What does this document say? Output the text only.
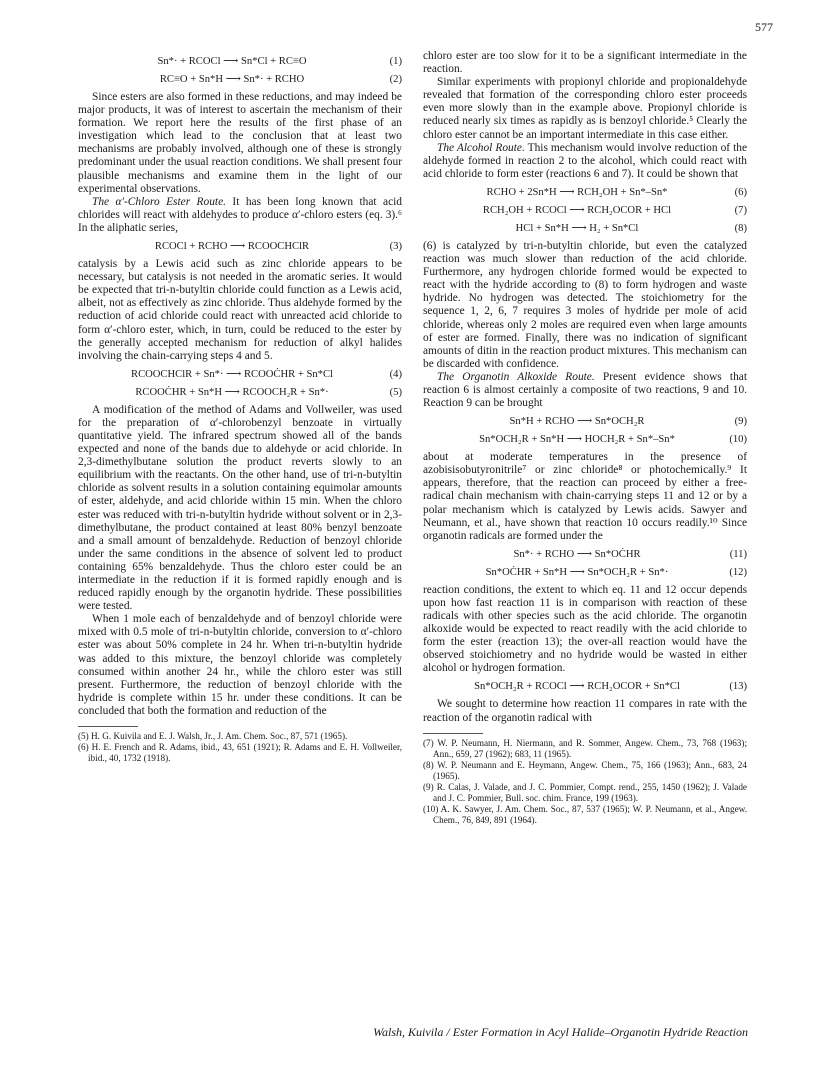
577
Sn*· + RCOCl ⟶ Sn*Cl + RC≡O	(1)
RC≡O + Sn*H ⟶ Sn*· + RCHO	(2)

Since esters are also formed in these reductions, and may indeed be major products, it was of interest to ascertain the mechanism of their formation. We report here the results of the first phase of an investigation which lead to the conclusion that at least two mechanisms are probably involved, although one of these is strongly predominant under the usual reaction conditions. We shall present four plausible mechanisms and examine them in the light of our experimental observations.

The α′-Chloro Ester Route. It has been long known that acid chlorides will react with aldehydes to produce α′-chloro esters (eq. 3).⁶ In the aliphatic series,

RCOCl + RCHO ⟶ RCOOCHClR	(3)

catalysis by a Lewis acid such as zinc chloride appears to be necessary, but catalysis is not needed in the aromatic series. It would be expected that tri-n-butyltin chloride could function as a Lewis acid, albeit, not as effectively as zinc chloride. Thus aldehyde formed by the reduction of acid chloride could react with unreacted acid chloride to form α′-chloro ester, which, in turn, could be reduced to the ester by the generally accepted mechanism for reduction of alkyl halides involving the chain-carrying steps 4 and 5.

RCOOCHClR + Sn*· ⟶ RCOOĊHR + Sn*Cl	(4)
RCOOĊHR + Sn*H ⟶ RCOOCH₂R + Sn*·	(5)

A modification of the method of Adams and Vollweiler, was used for the preparation of α′-chlorobenzyl benzoate in virtually quantitative yield. The infrared spectrum showed all of the bands expected and none of the bands due to aldehyde or acid chloride. In 2,3-dimethylbutane solution the product reverts slowly to an equilibrium with the reactants. On the other hand, use of tri-n-butyltin chloride as solvent results in a solution containing equimolar amounts of ester, aldehyde, and acid chloride within 15 min. When the chloro ester was reduced with tri-n-butyltin hydride without solvent or in 2,3-dimethylbutane, the product contained at least 80% benzyl benzoate and a small amount of benzaldehyde. Reduction of benzoyl chloride under the same conditions in the absence of solvent led to product containing 65% benzaldehyde. Thus the chloro ester could be an intermediate in the reduction if it is formed rapidly enough and is reduced rapidly enough by the organotin hydride. These possibilities were tested.

When 1 mole each of benzaldehyde and of benzoyl chloride were mixed with 0.5 mole of tri-n-butyltin chloride, conversion to α′-chloro ester was about 50% complete in 24 hr. When tri-n-butyltin hydride was added to this mixture, the benzoyl chloride was completely consumed within another 24 hr., while the chloro ester was still present. Furthermore, the reduction of benzoyl chloride with the hydride is complete within 15 hr. under these conditions. It can be concluded that both the formation and reduction of the

(5) H. G. Kuivila and E. J. Walsh, Jr., J. Am. Chem. Soc., 87, 571 (1965).

(6) H. E. French and R. Adams, ibid., 43, 651 (1921); R. Adams and E. H. Vollweiler, ibid., 40, 1732 (1918).

chloro ester are too slow for it to be a significant intermediate in the reaction.

Similar experiments with propionyl chloride and propionaldehyde revealed that formation of the corresponding chloro ester proceeds even more slowly than in the example above. Propionyl chloride is reduced nearly six times as rapidly as is benzoyl chloride.⁵ Clearly the chloro ester cannot be an important intermediate in this case either.

The Alcohol Route. This mechanism would involve reduction of the aldehyde formed in reaction 2 to the alcohol, which could react with acid chloride to form ester (reactions 6 and 7). It could be shown that

RCHO + 2Sn*H ⟶ RCH₂OH + Sn*–Sn*	(6)
RCH₂OH + RCOCl ⟶ RCH₂OCOR + HCl	(7)
HCl + Sn*H ⟶ H₂ + Sn*Cl	(8)

(6) is catalyzed by tri-n-butyltin chloride, but even the catalyzed reaction was much slower than reduction of the acid chloride. Furthermore, any hydrogen chloride formed would be expected to react with the hydride according to (8) to form hydrogen and waste hydride. No hydrogen was detected. The stoichiometry for the sequence 1, 2, 6, 7 requires 3 moles of hydride per mole of acid chloride, whereas only 2 moles are required even when large amounts of ester are formed. Finally, there was no indication of significant amounts of ditin in the reaction product mixtures. This mechanism can be discarded with confidence.

The Organotin Alkoxide Route. Present evidence shows that reaction 6 is almost certainly a composite of two reactions, 9 and 10. Reaction 9 can be brought

Sn*H + RCHO ⟶ Sn*OCH₂R	(9)
Sn*OCH₂R + Sn*H ⟶ HOCH₂R + Sn*–Sn*	(10)

about at moderate temperatures in the presence of azobisisobutyronitrile⁷ or zinc chloride⁸ or photochemically.⁹ It appears, therefore, that the reaction can proceed by either a free-radical chain mechanism with chain-carrying steps 11 and 12 or by a polar mechanism which is catalyzed by Lewis acids. Sawyer and Neumann, et al., have shown that reaction 10 occurs readily.¹⁰ Since organotin radicals are formed under the

Sn*· + RCHO ⟶ Sn*OĊHR	(11)
Sn*OĊHR + Sn*H ⟶ Sn*OCH₂R + Sn*·	(12)

reaction conditions, the extent to which eq. 11 and 12 occur depends upon how fast reaction 11 is in comparison with reaction of these radicals with other species such as the acid chloride. The organotin alkoxide would be expected to react readily with the acid chloride to form the ester (reaction 13); the over-all reaction would have the observed stoichiometry and no hydride would be wasted in either alcohol or hydrogen formation.

Sn*OCH₂R + RCOCl ⟶ RCH₂OCOR + Sn*Cl	(13)

We sought to determine how reaction 11 compares in rate with the reaction of the organotin radical with

(7) W. P. Neumann, H. Niermann, and R. Sommer, Angew. Chem., 73, 768 (1963); Ann., 659, 27 (1962); 683, 11 (1965).

(8) W. P. Neumann and E. Heymann, Angew. Chem., 75, 166 (1963); Ann., 683, 24 (1965).

(9) R. Calas, J. Valade, and J. C. Pommier, Compt. rend., 255, 1450 (1962); J. Valade and J. C. Pommier, Bull. soc. chim. France, 199 (1963).

(10) A. K. Sawyer, J. Am. Chem. Soc., 87, 537 (1965); W. P. Neumann, et al., Angew. Chem., 76, 849, 891 (1964).

Walsh, Kuivila / Ester Formation in Acyl Halide–Organotin Hydride Reaction
